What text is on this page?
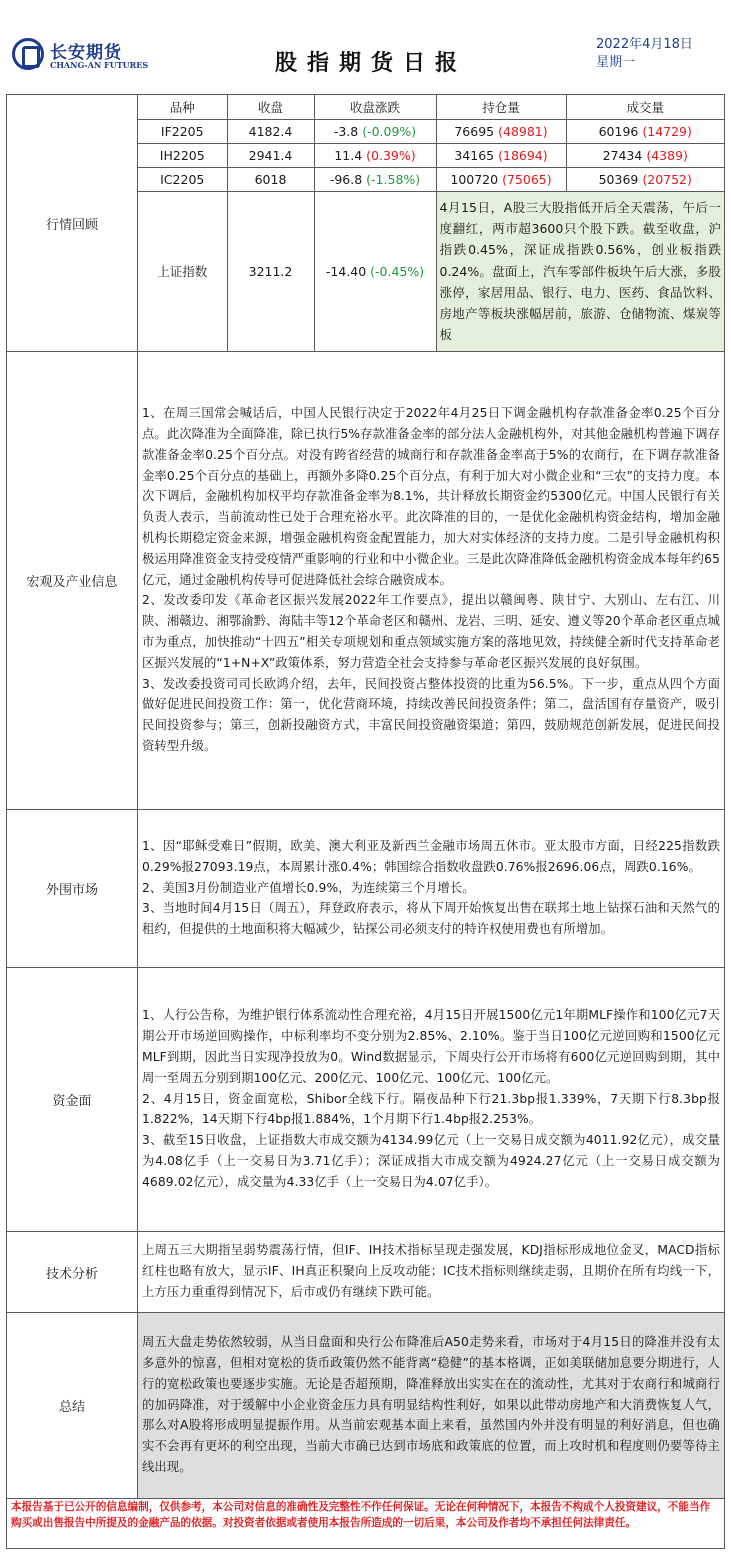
长安期货
CHANG-AN FUTURES	股指期货日报
2022年4月18日
星期一
行情回顾	
品种	收盘	收盘涨跌	持仓量	成交量
IF2205	4182.4	-3.8 (-0.09%)	76695 (48981)	60196 (14729)
IH2205	2941.4	11.4 (0.39%)	34165 (18694)	27434 (4389)
IC2205	6018	-96.8 (-1.58%)	100720 (75065)	50369 (20752)
上证指数	3211.2	-14.40 (-0.45%)	4月15日，A股三大股指低开后全天震荡，午后一度翻红，两市超3600只个股下跌。截至收盘，沪指跌0.45%，深证成指跌0.56%，创业板指跌0.24%。盘面上，汽车零部件板块午后大涨，多股涨停，家居用品、银行、电力、医药、食品饮料、房地产等板块涨幅居前，旅游、仓储物流、煤炭等板

宏观及产业信息	
1、在周三国常会喊话后，中国人民银行决定于2022年4月25日下调金融机构存款准备金率0.25个百分点。此次降准为全面降准，除已执行5%存款准备金率的部分法人金融机构外，对其他金融机构普遍下调存款准备金率0.25个百分点。对没有跨省经营的城商行和存款准备金率高于5%的农商行，在下调存款准备金率0.25个百分点的基础上，再额外多降0.25个百分点，有利于加大对小微企业和“三农”的支持力度。本次下调后，金融机构加权平均存款准备金率为8.1%，共计释放长期资金约5300亿元。中国人民银行有关负责人表示，当前流动性已处于合理充裕水平。此次降准的目的，一是优化金融机构资金结构，增加金融机构长期稳定资金来源，增强金融机构资金配置能力，加大对实体经济的支持力度。二是引导金融机构积极运用降准资金支持受疫情严重影响的行业和中小微企业。三是此次降准降低金融机构资金成本每年约65亿元，通过金融机构传导可促进降低社会综合融资成本。
2、发改委印发《革命老区振兴发展2022年工作要点》，提出以赣闽粤、陕甘宁、大别山、左右江、川陕、湘赣边、湘鄂渝黔、海陆丰等12个革命老区和赣州、龙岩、三明、延安、遵义等20个革命老区重点城市为重点，加快推动“十四五”相关专项规划和重点领域实施方案的落地见效，持续健全新时代支持革命老区振兴发展的“1+N+X”政策体系，努力营造全社会支持参与革命老区振兴发展的良好氛围。
3、发改委投资司司长欧鸿介绍，去年，民间投资占整体投资的比重为56.5%。下一步，重点从四个方面做好促进民间投资工作：第一，优化营商环境，持续改善民间投资条件；第二，盘活国有存量资产，吸引民间投资参与；第三，创新投融资方式，丰富民间投资融资渠道；第四，鼓励规范创新发展，促进民间投资转型升级。

外围市场	
1、因“耶稣受难日”假期，欧美、澳大利亚及新西兰金融市场周五休市。亚太股市方面，日经225指数跌0.29%报27093.19点，本周累计涨0.4%；韩国综合指数收盘跌0.76%报2696.06点，周跌0.16%。
2、美国3月份制造业产值增长0.9%，为连续第三个月增长。
3、当地时间4月15日（周五），拜登政府表示，将从下周开始恢复出售在联邦土地上钻探石油和天然气的租约，但提供的土地面积将大幅减少，钻探公司必须支付的特许权使用费也有所增加。

资金面	
1、人行公告称，为维护银行体系流动性合理充裕，4月15日开展1500亿元1年期MLF操作和100亿元7天期公开市场逆回购操作，中标利率均不变分别为2.85%、2.10%。鉴于当日100亿元逆回购和1500亿元MLF到期，因此当日实现净投放为0。Wind数据显示，下周央行公开市场将有600亿元逆回购到期，其中周一至周五分别到期100亿元、200亿元、100亿元、100亿元、100亿元。
2、4月15日，资金面宽松，Shibor全线下行。隔夜品种下行21.3bp报1.339%，7天期下行8.3bp报1.822%，14天期下行4bp报1.884%，1个月期下行1.4bp报2.253%。
3、截至15日收盘，上证指数大市成交额为4134.99亿元（上一交易日成交额为4011.92亿元），成交量为4.08亿手（上一交易日为3.71亿手）；深证成指大市成交额为4924.27亿元（上一交易日成交额为4689.02亿元），成交量为4.33亿手（上一交易日为4.07亿手）。

技术分析	
上周五三大期指呈弱势震荡行情，但IF、IH技术指标呈现走强发展，KDJ指标形成地位金叉，MACD指标红柱也略有放大，显示IF、IH真正积聚向上反攻动能；IC技术指标则继续走弱，且期价在所有均线一下，上方压力重重得到情况下，后市或仍有继续下跌可能。

总结	
周五大盘走势依然较弱，从当日盘面和央行公布降准后A50走势来看，市场对于4月15日的降准并没有太多意外的惊喜，但相对宽松的货币政策仍然不能背离“稳健”的基本格调，正如美联储加息要分期进行，人行的宽松政策也要逐步实施。无论是否超预期，降准释放出实实在在的流动性，尤其对于农商行和城商行的加码降准，对于缓解中小企业资金压力具有明显结构性利好，如果以此带动房地产和大消费恢复人气，那么对A股将形成明显提振作用。从当前宏观基本面上来看，虽然国内外并没有明显的利好消息，但也确实不会再有更坏的利空出现，当前大市确已达到市场底和政策底的位置，而上攻时机和程度则仍要等待主线出现。
本报告基于已公开的信息编制，仅供参考，本公司对信息的准确性及完整性不作任何保证。无论在何种情况下，本报告不构成个人投资建议，不能当作购买或出售报告中所提及的金融产品的依据。对投资者依据或者使用本报告所造成的一切后果，本公司及作者均不承担任何法律责任。
